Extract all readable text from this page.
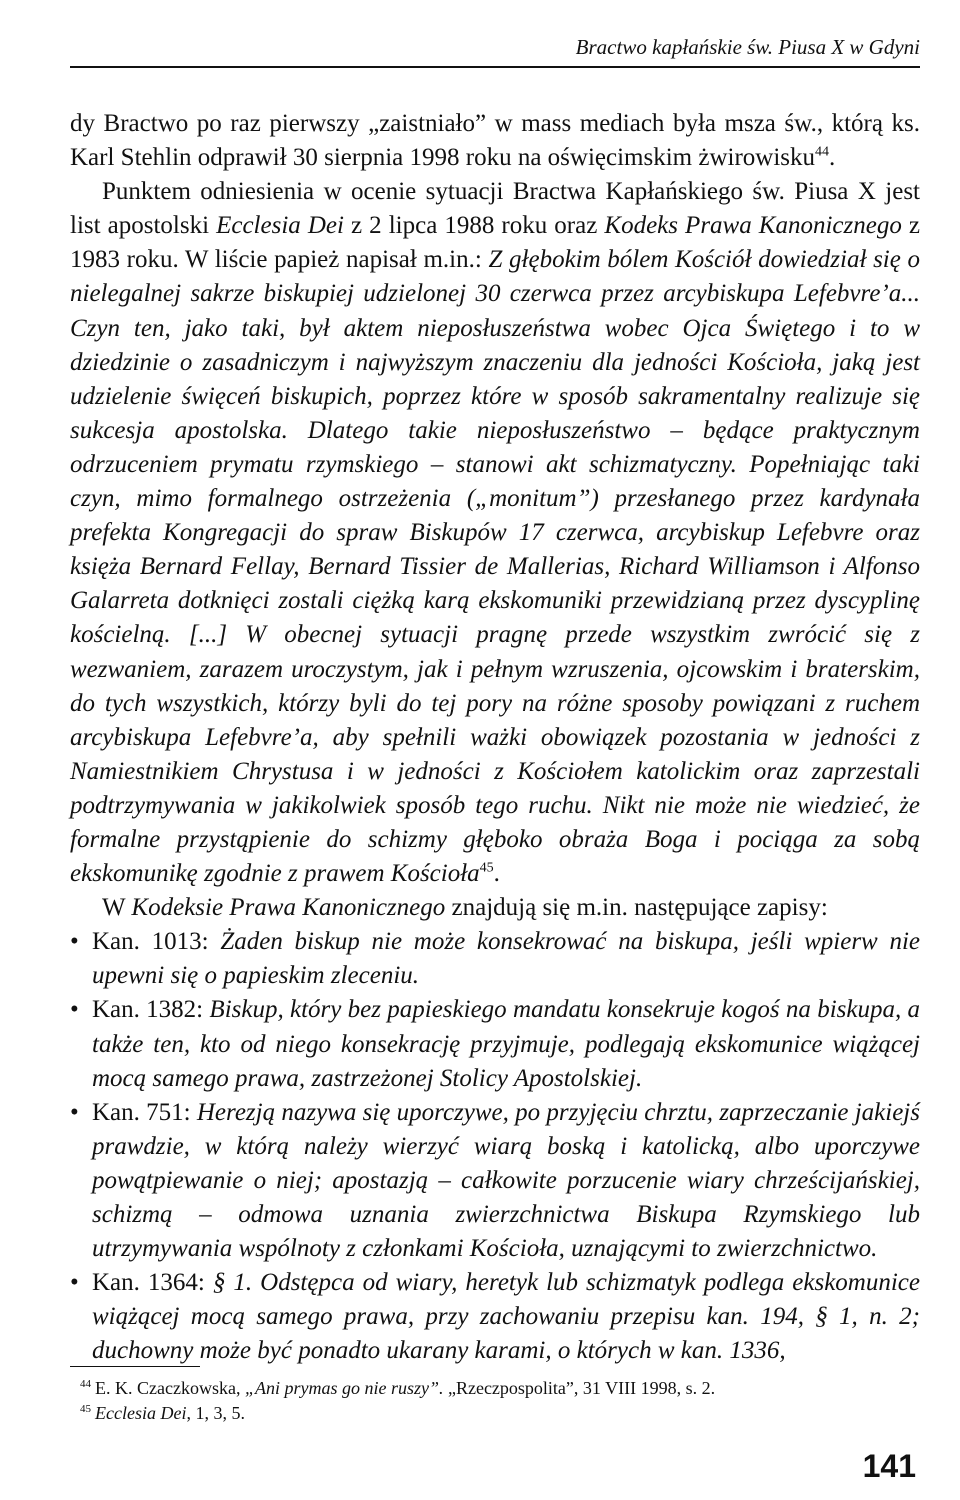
Bractwo kapłańskie św. Piusa X w Gdyni

dy Bractwo po raz pierwszy „zaistniało” w mass mediach była msza św., którą ks. Karl Stehlin odprawił 30 sierpnia 1998 roku na oświęcimskim żwirowisku$^{44}$.

Punktem odniesienia w ocenie sytuacji Bractwa Kapłańskiego św. Piusa X jest list apostolski Ecclesia Dei z 2 lipca 1988 roku oraz Kodeks Prawa Kanonicznego z 1983 roku. W liście papież napisał m.in.: Z głębokim bólem Kościół dowiedział się o nielegalnej sakrze biskupiej udzielonej 30 czerwca przez arcybiskupa Lefebvre’a... Czyn ten, jako taki, był aktem nieposłuszeństwa wobec Ojca Świętego i to w dziedzinie o zasadniczym i najwyższym znaczeniu dla jedności Kościoła, jaką jest udzielenie święceń biskupich, poprzez które w sposób sakramentalny realizuje się sukcesja apostolska. Dlatego takie nieposłuszeństwo – będące praktycznym odrzuceniem prymatu rzymskiego – stanowi akt schizmatyczny. Popełniając taki czyn, mimo formalnego ostrzeżenia („monitum”) przesłanego przez kardynała prefekta Kongregacji do spraw Biskupów 17 czerwca, arcybiskup Lefebvre oraz księża Bernard Fellay, Bernard Tissier de Mallerias, Richard Williamson i Alfonso Galarreta dotknięci zostali ciężką karą ekskomuniki przewidzianą przez dyscyplinę kościelną. [...] W obecnej sytuacji pragnę przede wszystkim zwrócić się z wezwaniem, zarazem uroczystym, jak i pełnym wzruszenia, ojcowskim i braterskim, do tych wszystkich, którzy byli do tej pory na różne sposoby powiązani z ruchem arcybiskupa Lefebvre’a, aby spełnili ważki obowiązek pozostania w jedności z Namiestnikiem Chrystusa i w jedności z Kościołem katolickim oraz zaprzestali podtrzymywania w jakikolwiek sposób tego ruchu. Nikt nie może nie wiedzieć, że formalne przystąpienie do schizmy głęboko obraża Boga i pociąga za sobą ekskomunikę zgodnie z prawem Kościoła$^{45}$.

W Kodeksie Prawa Kanonicznego znajdują się m.in. następujące zapisy:

• Kan. 1013: Żaden biskup nie może konsekrować na biskupa, jeśli wpierw nie upewni się o papieskim zleceniu.
• Kan. 1382: Biskup, który bez papieskiego mandatu konsekruje kogoś na biskupa, a także ten, kto od niego konsekrację przyjmuje, podlegają ekskomunice wiążącej mocą samego prawa, zastrzeżonej Stolicy Apostolskiej.
• Kan. 751: Herezją nazywa się uporczywe, po przyjęciu chrztu, zaprzeczanie jakiejś prawdzie, w którą należy wierzyć wiarą boską i katolicką, albo uporczywe powątpiewanie o niej; apostazją – całkowite porzucenie wiary chrześcijańskiej, schizmą – odmowa uznania zwierzchnictwa Biskupa Rzymskiego lub utrzymywania wspólnoty z członkami Kościoła, uznającymi to zwierzchnictwo.
• Kan. 1364: § 1. Odstępca od wiary, heretyk lub schizmatyk podlega ekskomunice wiążącej mocą samego prawa, przy zachowaniu przepisu kan. 194, § 1, n. 2; duchowny może być ponadto ukarany karami, o których w kan. 1336,

$^{44}$ E. K. Czaczkowska, „Ani prymas go nie ruszy”. „Rzeczpospolita”, 31 VIII 1998, s. 2.

$^{45}$ Ecclesia Dei, 1, 3, 5.

141
